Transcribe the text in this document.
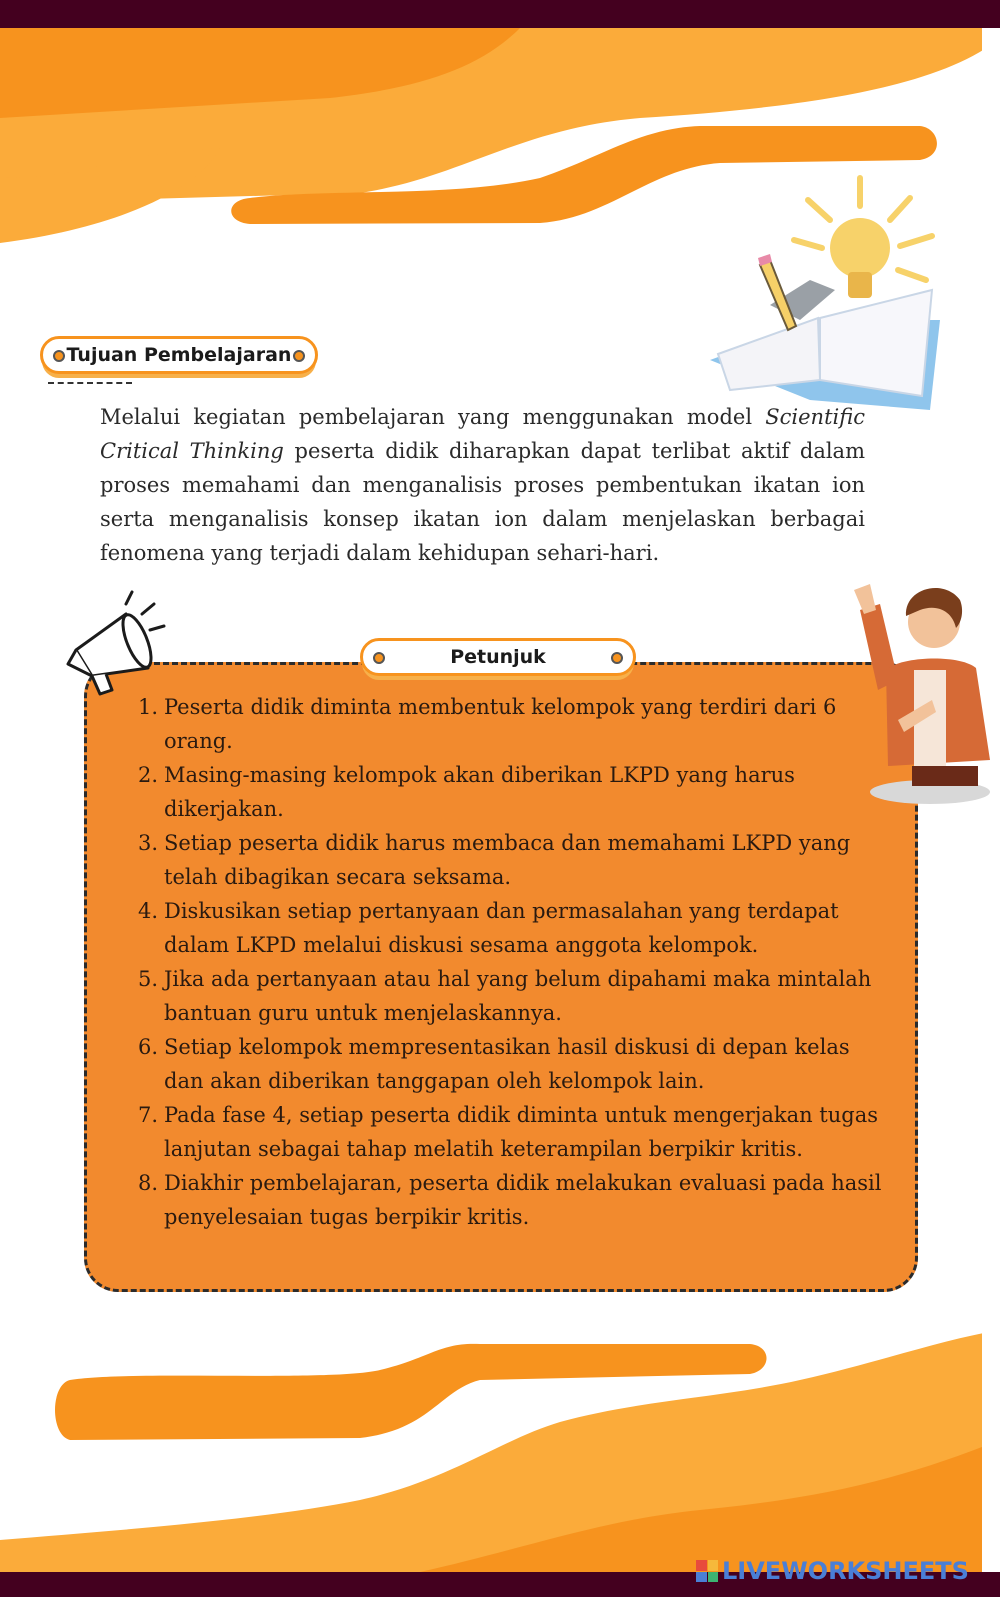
Tujuan Pembelajaran

Melalui kegiatan pembelajaran yang menggunakan model Scientific Critical Thinking peserta didik diharapkan dapat terlibat aktif dalam proses memahami dan menganalisis proses pembentukan ikatan ion serta menganalisis konsep ikatan ion dalam menjelaskan berbagai fenomena yang terjadi dalam kehidupan sehari-hari.

Petunjuk
1. Peserta didik diminta membentuk kelompok yang terdiri dari 6 orang.
2. Masing-masing kelompok akan diberikan LKPD yang harus dikerjakan.
3. Setiap peserta didik harus membaca dan memahami LKPD yang telah dibagikan secara seksama.
4. Diskusikan setiap pertanyaan dan permasalahan yang terdapat dalam LKPD melalui diskusi sesama anggota kelompok.
5. Jika ada pertanyaan atau hal yang belum dipahami maka mintalah bantuan guru untuk menjelaskannya.
6. Setiap kelompok mempresentasikan hasil diskusi di depan kelas dan akan diberikan tanggapan oleh kelompok lain.
7. Pada fase 4, setiap peserta didik diminta untuk mengerjakan tugas lanjutan sebagai tahap melatih keterampilan berpikir kritis.
8. Diakhir pembelajaran, peserta didik melakukan evaluasi pada hasil penyelesaian tugas berpikir kritis.
LIVEWORKSHEETS
